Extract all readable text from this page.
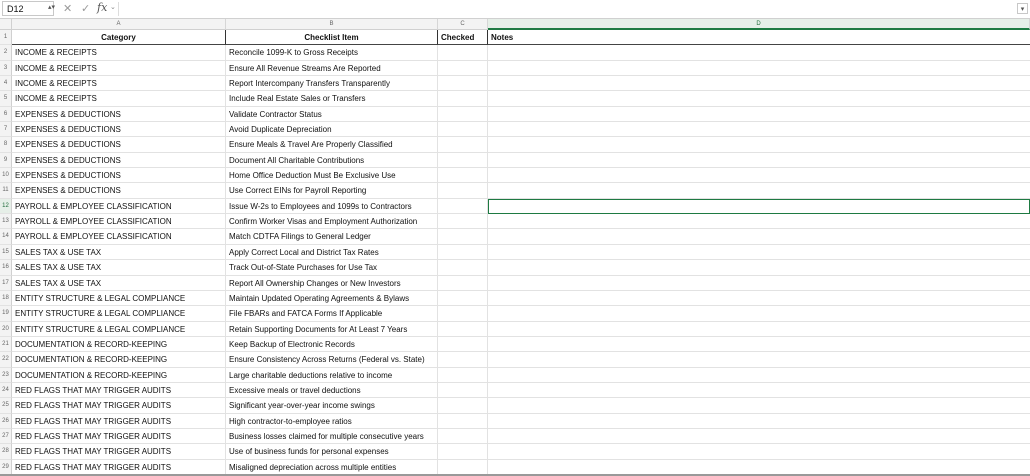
D12	▴▾ ✕ ✓ fx ⌄	▾
A	B	C	D
1	Category	Checklist Item	Checked	Notes
2 INCOME & RECEIPTS	Reconcile 1099-K to Gross Receipts
3 INCOME & RECEIPTS	Ensure All Revenue Streams Are Reported
4 INCOME & RECEIPTS	Report Intercompany Transfers Transparently
5 INCOME & RECEIPTS	Include Real Estate Sales or Transfers
6 EXPENSES & DEDUCTIONS	Validate Contractor Status
7 EXPENSES & DEDUCTIONS	Avoid Duplicate Depreciation
8 EXPENSES & DEDUCTIONS	Ensure Meals & Travel Are Properly Classified
9 EXPENSES & DEDUCTIONS	Document All Charitable Contributions
10 EXPENSES & DEDUCTIONS	Home Office Deduction Must Be Exclusive Use
11 EXPENSES & DEDUCTIONS	Use Correct EINs for Payroll Reporting
12 PAYROLL & EMPLOYEE CLASSIFICATION	Issue W-2s to Employees and 1099s to Contractors
13 PAYROLL & EMPLOYEE CLASSIFICATION	Confirm Worker Visas and Employment Authorization
14 PAYROLL & EMPLOYEE CLASSIFICATION	Match CDTFA Filings to General Ledger
15 SALES TAX & USE TAX	Apply Correct Local and District Tax Rates
16 SALES TAX & USE TAX	Track Out-of-State Purchases for Use Tax
17 SALES TAX & USE TAX	Report All Ownership Changes or New Investors
18 ENTITY STRUCTURE & LEGAL COMPLIANCE	Maintain Updated Operating Agreements & Bylaws
19 ENTITY STRUCTURE & LEGAL COMPLIANCE	File FBARs and FATCA Forms If Applicable
20 ENTITY STRUCTURE & LEGAL COMPLIANCE	Retain Supporting Documents for At Least 7 Years
21 DOCUMENTATION & RECORD-KEEPING	Keep Backup of Electronic Records
22 DOCUMENTATION & RECORD-KEEPING	Ensure Consistency Across Returns (Federal vs. State)
23 DOCUMENTATION & RECORD-KEEPING	Large charitable deductions relative to income
24 RED FLAGS THAT MAY TRIGGER AUDITS	Excessive meals or travel deductions
25 RED FLAGS THAT MAY TRIGGER AUDITS	Significant year-over-year income swings
26 RED FLAGS THAT MAY TRIGGER AUDITS	High contractor-to-employee ratios
27 RED FLAGS THAT MAY TRIGGER AUDITS	Business losses claimed for multiple consecutive years
28 RED FLAGS THAT MAY TRIGGER AUDITS	Use of business funds for personal expenses
29 RED FLAGS THAT MAY TRIGGER AUDITS	Misaligned depreciation across multiple entities
